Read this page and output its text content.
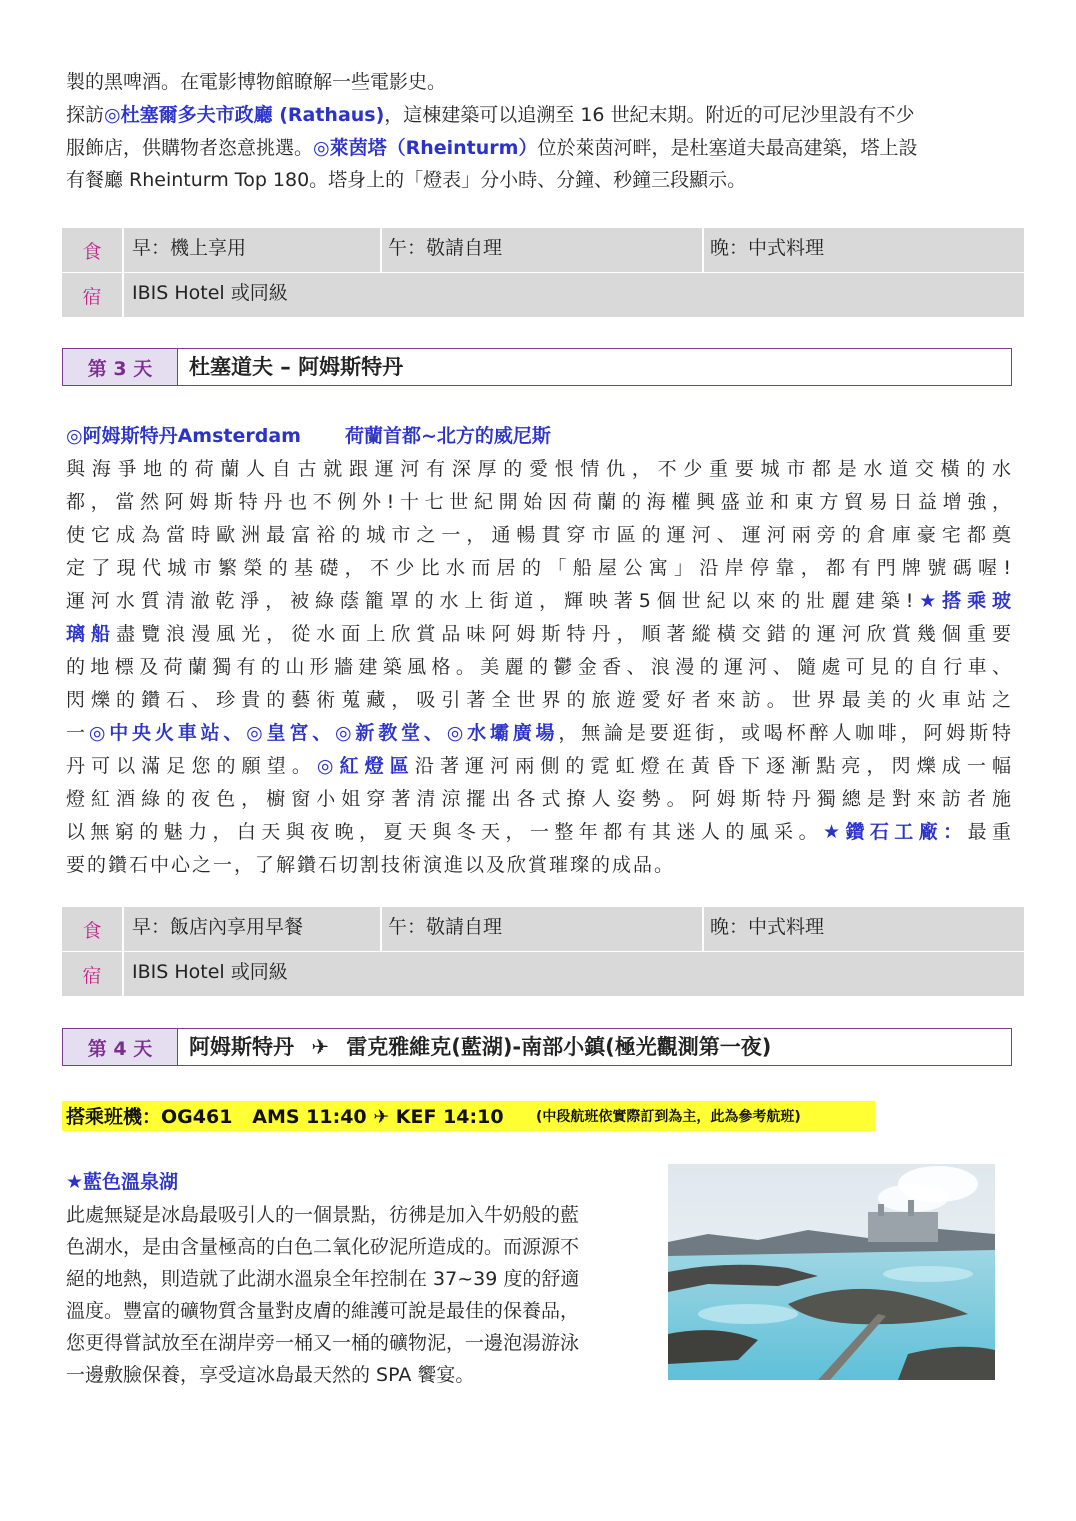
製的黑啤酒。在電影博物館瞭解一些電影史。
探訪◎杜塞爾多夫市政廳 (Rathaus)，這棟建築可以追溯至 16 世紀末期。附近的可尼沙里設有不少
服飾店，供購物者恣意挑選。◎萊茵塔（Rheinturm）位於萊茵河畔，是杜塞道夫最高建築，塔上設
有餐廳 Rheinturm Top 180。塔身上的「燈表」分小時、分鐘、秒鐘三段顯示。
食	早：機上享用	午：敬請自理	晚：中式料理
宿	IBIS Hotel 或同級
第 3 天	杜塞道夫 – 阿姆斯特丹
◎阿姆斯特丹Amsterdam 荷蘭首都~北方的威尼斯
與海爭地的荷蘭人自古就跟運河有深厚的愛恨情仇，不少重要城市都是水道交橫的水
都，當然阿姆斯特丹也不例外!十七世紀開始因荷蘭的海權興盛並和東方貿易日益增強，
使它成為當時歐洲最富裕的城市之一，通暢貫穿市區的運河、運河兩旁的倉庫豪宅都奠
定了現代城市繁榮的基礎，不少比水而居的「船屋公寓」沿岸停靠，都有門牌號碼喔!
運河水質清澈乾淨，被綠蔭籠罩的水上街道，輝映著5個世紀以來的壯麗建築!★搭乘玻
璃船盡覽浪漫風光，從水面上欣賞品味阿姆斯特丹，順著縱橫交錯的運河欣賞幾個重要
的地標及荷蘭獨有的山形牆建築風格。美麗的鬱金香、浪漫的運河、隨處可見的自行車、
閃爍的鑽石、珍貴的藝術蒐藏，吸引著全世界的旅遊愛好者來訪。世界最美的火車站之
一◎中央火車站、◎皇宮、◎新教堂、◎水壩廣場，無論是要逛街，或喝杯醉人咖啡，阿姆斯特
丹可以滿足您的願望。◎紅燈區沿著運河兩側的霓虹燈在黃昏下逐漸點亮，閃爍成一幅
燈紅酒綠的夜色，櫥窗小姐穿著清涼擺出各式撩人姿勢。阿姆斯特丹獨總是對來訪者施
以無窮的魅力，白天與夜晚，夏天與冬天，一整年都有其迷人的風采。★鑽石工廠：最重
要的鑽石中心之一，了解鑽石切割技術演進以及欣賞璀璨的成品。
食	早：飯店內享用早餐	午：敬請自理	晚：中式料理
宿	IBIS Hotel 或同級
第 4 天	阿姆斯特丹 ✈ 雷克雅維克(藍湖)-南部小鎮(極光觀測第一夜)
搭乘班機：OG461   AMS 11:40 ✈ KEF 14:10 (中段航班依實際訂到為主，此為參考航班)
★藍色溫泉湖
此處無疑是冰島最吸引人的一個景點，彷彿是加入牛奶般的藍
色湖水，是由含量極高的白色二氧化矽泥所造成的。而源源不
絕的地熱，則造就了此湖水溫泉全年控制在 37~39 度的舒適
溫度。豐富的礦物質含量對皮膚的維護可說是最佳的保養品，
您更得嘗試放至在湖岸旁一桶又一桶的礦物泥，一邊泡湯游泳
一邊敷臉保養，享受這冰島最天然的 SPA 饗宴。
